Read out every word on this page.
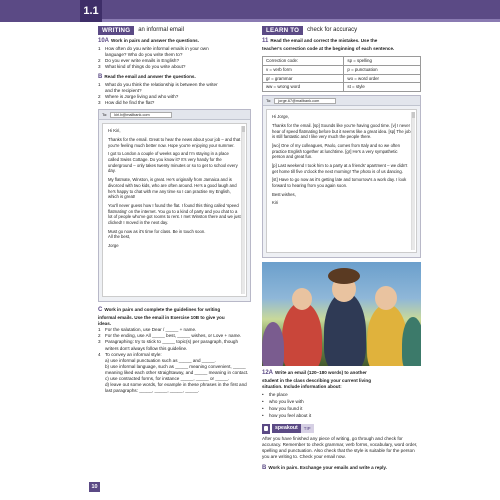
1.1
WRITING	an informal email
10A Work in pairs and answer the questions.
1 How often do you write informal emails in your own
language? Who do you write them to?
2 Do you ever write emails in English?
3 What kind of things do you write about?
B Read the email and answer the questions.
1 What do you think the relationship is between the writer
and the recipient?
2 Where is Jorge living and who with?
3 How did he find the flat?
To:	kiri.b@mailbank.com

Hi Kiri,

Thanks for the email. Great to hear the news about your job – and that you're feeling much better now. Hope you're enjoying your summer.

I got to London a couple of weeks ago and I'm staying in a place called Swiss Cottage. Do you know it? It's very handy for the underground – only takes twenty minutes or so to get to school every day.

My flatmate, Winston, is great. He's originally from Jamaica and is divorced with two kids, who are often around. He's a good laugh and he's happy to chat with me any time so I can practise my English, which is great!

You'll never guess how I found the flat. I found this thing called 'speed flatmating' on the internet. You go to a kind of party and you chat to a lot of people who've got rooms to rent. I met Winston there and we just clicked! I moved in the next day.

Must go now as it's time for class. Be in touch soon.

All the best,

Jorge

C Work in pairs and complete the guidelines for writing
informal emails. Use the email in Exercise 10B to give you
ideas.
1 For the salutation, use Dear / _____ + name.
2 For the ending, use All _____ best, _____ wishes, or Love + name.
3 Paragraphing: try to stick to _____ topic(s) per paragraph, though writers don't always follow this guideline.
4 To convey an informal style:
a) use informal punctuation such as _____ and _____.
b) use informal language, such as _____ meaning convenient, _____ meaning liked each other straightaway, and _____ meaning in contact.
c) use contracted forms, for instance _____, _____ or _____.
d) leave out some words, for example in these phrases in the first and last paragraphs: _____, _____, _____, _____.
LEARN TO	check for accuracy
11 Read the email and correct the mistakes. Use the
teacher's correction code at the beginning of each sentence.
Correction code:	sp = spelling
v = verb form	p = punctuation
gr = grammar	wo = word order
ww = wrong word	st = style
To:	jorge.67@mailbank.com

Hi Jorge,

Thanks for the email. [sp] Sounds like you're having good time. [v] I never hear of speed flatmating before but it seems like a great idea. [sp] The job is still fantastic and I like very much the people there.

[wo] One of my colleagues, Paolo, comes from Italy and so we often practice English together at lunchtime. [gr] He's a very sympathetic person and great fun.

[p] Last weekend I took him to a party at a friends' apartment – we didn't get home till five o'clock the next morning! The photo is of us dancing.

[st] Have to go now as it's getting late and tomorrow's a work day. I look forward to hearing from you again soon.

Best wishes,

Kiri

12A Write an email (120–180 words) to another
student in the class describing your current living
situation. Include information about:
• the place
• who you live with
• how you found it
• how you feel about it
speakout	TIP
After you have finished any piece of writing, go through and check for accuracy. Remember to check grammar, verb forms, vocabulary, word order, spelling and punctuation. Also check that the style is suitable for the person you are writing to. Check your email now.
B Work in pairs. Exchange your emails and write a reply.
10
